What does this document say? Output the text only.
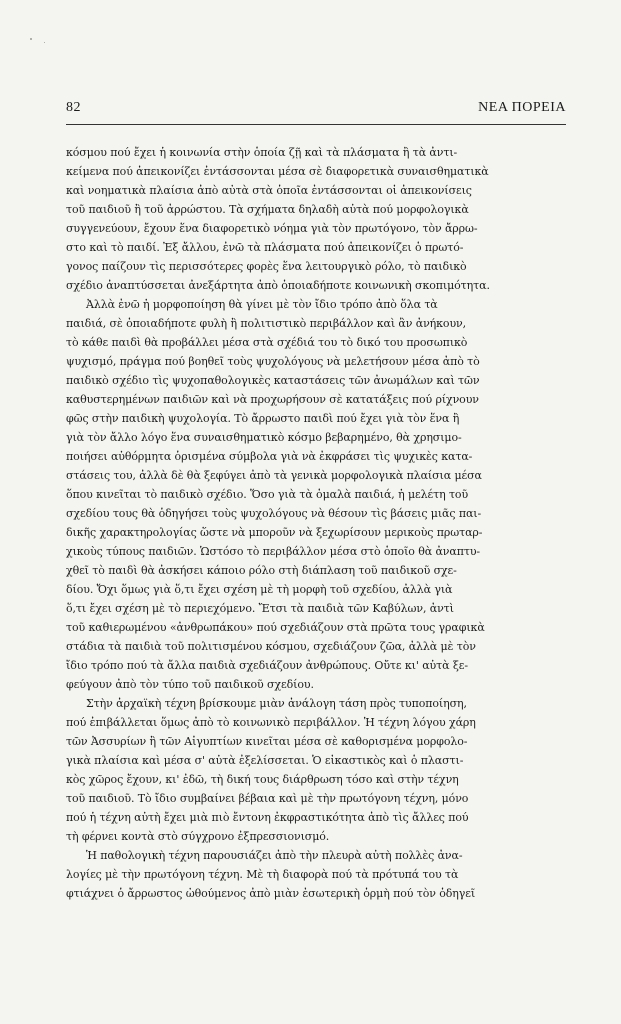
82	ΝΕΑ ΠΟΡΕΙΑ
κόσμου πού ἔχει ἡ κοινωνία στὴν ὁποία ζῇ καὶ τὰ πλάσματα ἢ τὰ ἀντι-
κείμενα πού ἀπεικονίζει ἐντάσσονται μέσα σὲ διαφορετικὰ συναισθηματικὰ
καὶ νοηματικὰ πλαίσια ἀπὸ αὐτὰ στὰ ὁποῖα ἐντάσσονται οἱ ἀπεικονίσεις
τοῦ παιδιοῦ ἢ τοῦ ἀρρώστου. Τὰ σχήματα δηλαδὴ αὐτὰ πού μορφολογικὰ
συγγενεύουν, ἔχουν ἕνα διαφορετικὸ νόημα γιὰ τὸν πρωτόγονο, τὸν ἄρρω-
στο καὶ τὸ παιδί. Ἐξ ἄλλου, ἐνῶ τὰ πλάσματα πού ἀπεικονίζει ὁ πρωτό-
γονος παίζουν τὶς περισσότερες φορὲς ἕνα λειτουργικὸ ρόλο, τὸ παιδικὸ
σχέδιο ἀναπτύσσεται ἀνεξάρτητα ἀπὸ ὁποιαδήποτε κοινωνικὴ σκοπιμότητα.
Ἀλλὰ ἐνῶ ἡ μορφοποίηση θὰ γίνει μὲ τὸν ἴδιο τρόπο ἀπὸ ὅλα τὰ
παιδιά, σὲ ὁποιαδήποτε φυλὴ ἢ πολιτιστικὸ περιβάλλον καὶ ἂν ἀνήκουν,
τὸ κάθε παιδὶ θὰ προβάλλει μέσα στὰ σχέδιά του τὸ δικό του προσωπικὸ
ψυχισμό, πράγμα πού βοηθεῖ τοὺς ψυχολόγους νὰ μελετήσουν μέσα ἀπὸ τὸ
παιδικὸ σχέδιο τὶς ψυχοπαθολογικὲς καταστάσεις τῶν ἀνωμάλων καὶ τῶν
καθυστερημένων παιδιῶν καὶ νὰ προχωρήσουν σὲ κατατάξεις πού ρίχνουν
φῶς στὴν παιδικὴ ψυχολογία. Τὸ ἄρρωστο παιδὶ πού ἔχει γιὰ τὸν ἕνα ἢ
γιὰ τὸν ἄλλο λόγο ἕνα συναισθηματικὸ κόσμο βεβαρημένο, θὰ χρησιμο-
ποιήσει αὐθόρμητα ὁρισμένα σύμβολα γιὰ νὰ ἐκφράσει τὶς ψυχικὲς κατα-
στάσεις του, ἀλλὰ δὲ θὰ ξεφύγει ἀπὸ τὰ γενικὰ μορφολογικὰ πλαίσια μέσα
ὅπου κινεῖται τὸ παιδικὸ σχέδιο. Ὅσο γιὰ τὰ ὁμαλὰ παιδιά, ἡ μελέτη τοῦ
σχεδίου τους θὰ ὁδηγήσει τοὺς ψυχολόγους νὰ θέσουν τὶς βάσεις μιᾶς παι-
δικῆς χαρακτηρολογίας ὥστε νὰ μποροῦν νὰ ξεχωρίσουν μερικοὺς πρωταρ-
χικοὺς τύπους παιδιῶν. Ὡστόσο τὸ περιβάλλον μέσα στὸ ὁποῖο θὰ ἀναπτυ-
χθεῖ τὸ παιδὶ θὰ ἀσκήσει κάποιο ρόλο στὴ διάπλαση τοῦ παιδικοῦ σχε-
δίου. Ὄχι ὅμως γιὰ ὅ,τι ἔχει σχέση μὲ τὴ μορφὴ τοῦ σχεδίου, ἀλλὰ γιὰ
ὅ,τι ἔχει σχέση μὲ τὸ περιεχόμενο. Ἔτσι τὰ παιδιὰ τῶν Καβύλων, ἀντὶ
τοῦ καθιερωμένου «ἀνθρωπάκου» πού σχεδιάζουν στὰ πρῶτα τους γραφικὰ
στάδια τὰ παιδιὰ τοῦ πολιτισμένου κόσμου, σχεδιάζουν ζῶα, ἀλλὰ μὲ τὸν
ἴδιο τρόπο πού τὰ ἄλλα παιδιὰ σχεδιάζουν ἀνθρώπους. Οὔτε κι' αὐτὰ ξε-
φεύγουν ἀπὸ τὸν τύπο τοῦ παιδικοῦ σχεδίου.
Στὴν ἀρχαϊκὴ τέχνη βρίσκουμε μιὰν ἀνάλογη τάση πρὸς τυποποίηση,
πού ἐπιβάλλεται ὅμως ἀπὸ τὸ κοινωνικὸ περιβάλλον. Ἡ τέχνη λόγου χάρη
τῶν Ἀσσυρίων ἢ τῶν Αἰγυπτίων κινεῖται μέσα σὲ καθορισμένα μορφολο-
γικὰ πλαίσια καὶ μέσα σ' αὐτὰ ἐξελίσσεται. Ὁ εἰκαστικὸς καὶ ὁ πλαστι-
κὸς χῶρος ἔχουν, κι' ἐδῶ, τὴ δική τους διάρθρωση τόσο καὶ στὴν τέχνη
τοῦ παιδιοῦ. Τὸ ἴδιο συμβαίνει βέβαια καὶ μὲ τὴν πρωτόγονη τέχνη, μόνο
πού ἡ τέχνη αὐτὴ ἔχει μιὰ πιὸ ἔντονη ἐκφραστικότητα ἀπὸ τὶς ἄλλες πού
τὴ φέρνει κοντὰ στὸ σύγχρονο ἐξπρεσσιονισμό.
Ἡ παθολογικὴ τέχνη παρουσιάζει ἀπὸ τὴν πλευρὰ αὐτὴ πολλὲς ἀνα-
λογίες μὲ τὴν πρωτόγονη τέχνη. Μὲ τὴ διαφορὰ πού τὰ πρότυπά του τὰ
φτιάχνει ὁ ἄρρωστος ὠθούμενος ἀπὸ μιὰν ἐσωτερικὴ ὁρμὴ πού τὸν ὁδηγεῖ
